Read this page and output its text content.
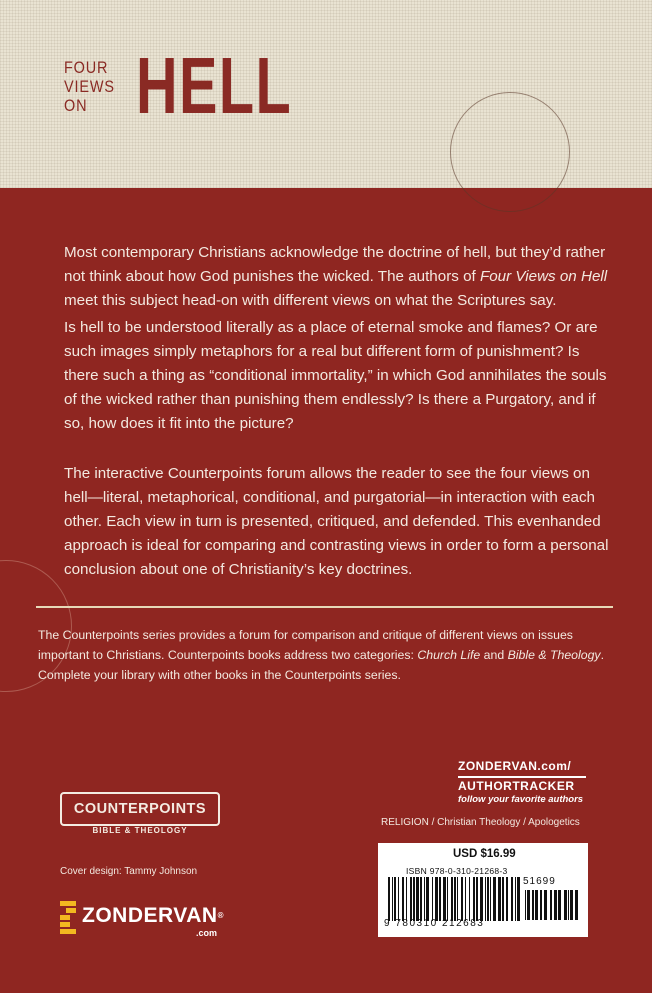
FOUR
VIEWS
ON HELL

Most contemporary Christians acknowledge the doctrine of hell, but they’d rather not think about how God punishes the wicked. The authors of Four Views on Hell meet this subject head-on with different views on what the Scriptures say.

Is hell to be understood literally as a place of eternal smoke and flames? Or are such images simply metaphors for a real but different form of punishment? Is there such a thing as “conditional immortality,” in which God annihilates the souls of the wicked rather than punishing them endlessly? Is there a Purgatory, and if so, how does it fit into the picture?
The interactive Counterpoints forum allows the reader to see the four views on hell—literal, metaphorical, conditional, and purgatorial—in interaction with each other. Each view in turn is presented, critiqued, and defended. This evenhanded approach is ideal for comparing and contrasting views in order to form a personal conclusion about one of Christianity’s key doctrines.
The Counterpoints series provides a forum for comparison and critique of different views on issues important to Christians. Counterpoints books address two categories: Church Life and Bible & Theology. Complete your library with other books in the Counterpoints series.
COUNTERPOINTS
BIBLE & THEOLOGY
Cover design: Tammy Johnson
ZONDERVAN®
.com
ZONDERVAN.com/
AUTHORTRACKER
follow your favorite authors
RELIGION / Christian Theology / Apologetics
USD $16.99
ISBN 978-0-310-21268-3
51699
9 780310 212683
